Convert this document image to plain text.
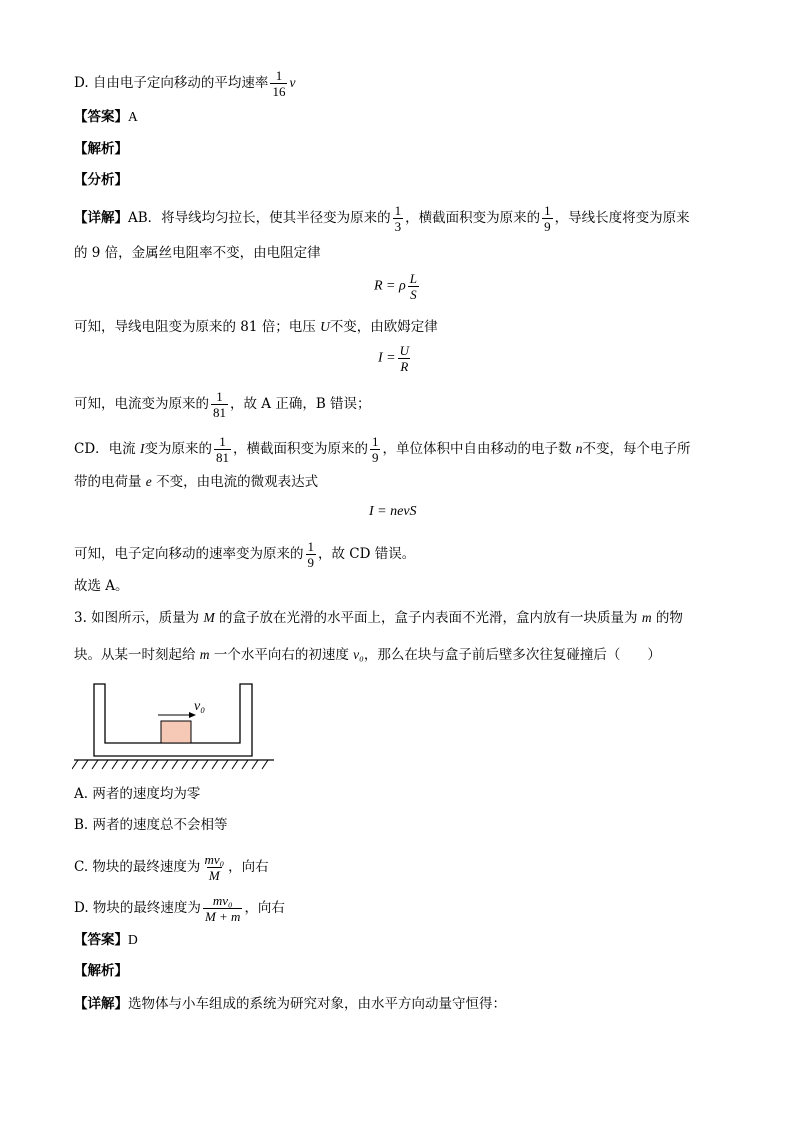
D. 自由电子定向移动的平均速率 $\frac{1}{16}$ v
【答案】A
【解析】
【分析】
【详解】AB．将导线均匀拉长，使其半径变为原来的 $\frac{1}{3}$ ，横截面积变为原来的 $\frac{1}{9}$ ，导线长度将变为原来
的 9 倍，金属丝电阻率不变，由电阻定律
R = ρ $\frac{L}{S}$
可知，导线电阻变为原来的 81 倍；电压 U不变，由欧姆定律
$I = \frac{U}{R}$
可知，电流变为原来的 $\frac{1}{81}$ ，故 A 正确，B 错误；
CD．电流 I变为原来的 $\frac{1}{81}$ ，横截面积变为原来的 $\frac{1}{9}$ ，单位体积中自由移动的电子数 n不变，每个电子所
带的电荷量 e 不变，由电流的微观表达式
I = nevS
可知，电子定向移动的速率变为原来的 $\frac{1}{9}$ ，故 CD 错误。
故选 A。
3. 如图所示，质量为 M 的盒子放在光滑的水平面上，盒子内表面不光滑，盒内放有一块质量为 m 的物
块。从某一时刻起给 m 一个水平向右的初速度 v₀，那么在块与盒子前后壁多次往复碰撞后（　　）
v₀
A. 两者的速度均为零
B. 两者的速度总不会相等
C. 物块的最终速度为 $\frac{\text{mv₀}}{M}$ ，向右
D. 物块的最终速度为 $\frac{\text{mv₀}}{M + m}$ ，向右
【答案】D
【解析】
【详解】选物体与小车组成的系统为研究对象，由水平方向动量守恒得：
